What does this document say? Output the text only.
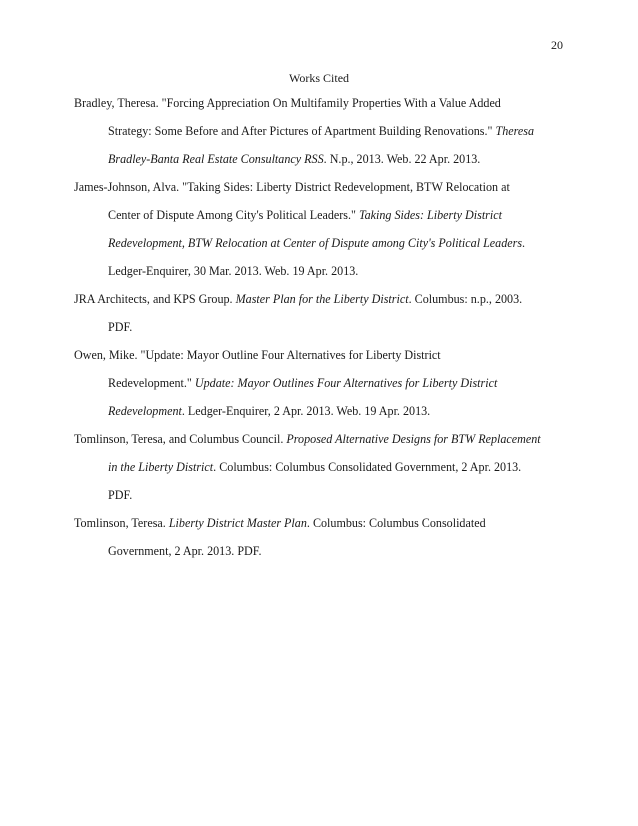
20
Works Cited
Bradley, Theresa. "Forcing Appreciation On Multifamily Properties With a Value Added
Strategy: Some Before and After Pictures of Apartment Building Renovations." Theresa
Bradley-Banta Real Estate Consultancy RSS. N.p., 2013. Web. 22 Apr. 2013.
James-Johnson, Alva. "Taking Sides: Liberty District Redevelopment, BTW Relocation at
Center of Dispute Among City's Political Leaders." Taking Sides: Liberty District
Redevelopment, BTW Relocation at Center of Dispute among City's Political Leaders.
Ledger-Enquirer, 30 Mar. 2013. Web. 19 Apr. 2013.
JRA Architects, and KPS Group. Master Plan for the Liberty District. Columbus: n.p., 2003.
PDF.
Owen, Mike. "Update: Mayor Outline Four Alternatives for Liberty District
Redevelopment." Update: Mayor Outlines Four Alternatives for Liberty District
Redevelopment. Ledger-Enquirer, 2 Apr. 2013. Web. 19 Apr. 2013.
Tomlinson, Teresa, and Columbus Council. Proposed Alternative Designs for BTW Replacement
in the Liberty District. Columbus: Columbus Consolidated Government, 2 Apr. 2013.
PDF.
Tomlinson, Teresa. Liberty District Master Plan. Columbus: Columbus Consolidated
Government, 2 Apr. 2013. PDF.
